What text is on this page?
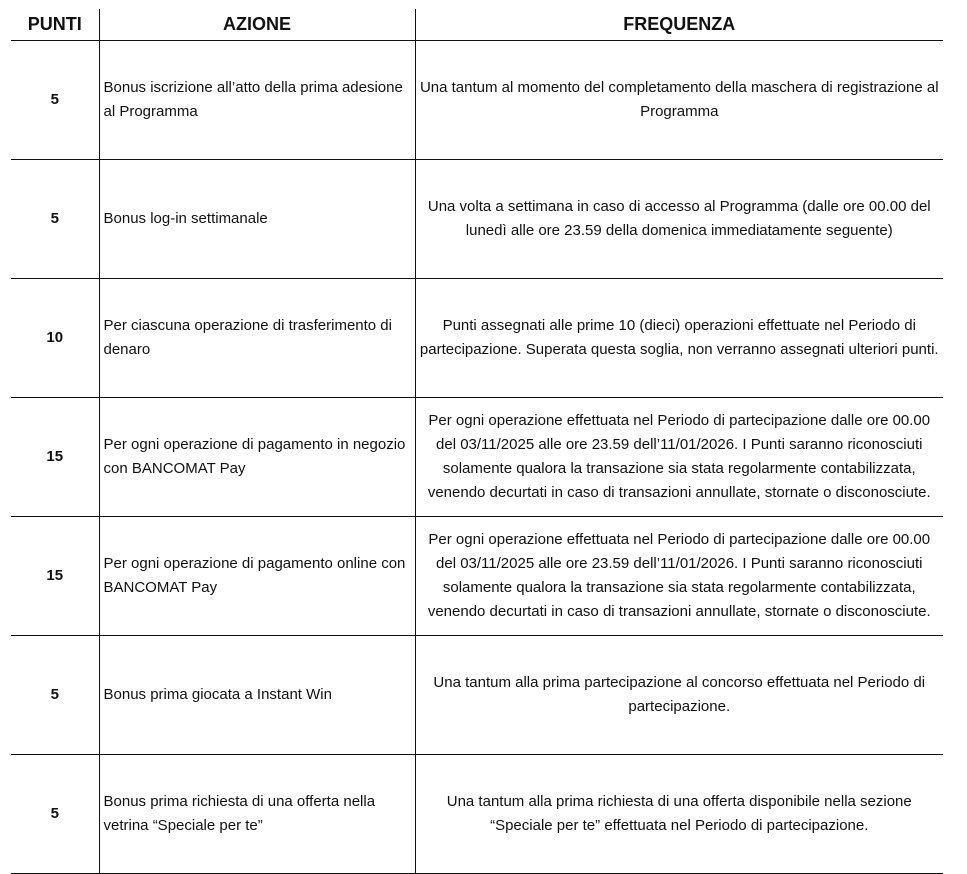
PUNTI	AZIONE	FREQUENZA
5	Bonus iscrizione all’atto della prima adesione al Programma	Una tantum al momento del completamento della maschera di registrazione al Programma
5	Bonus log-in settimanale	Una volta a settimana in caso di accesso al Programma (dalle ore 00.00 del lunedì alle ore 23.59 della domenica immediatamente seguente)
10	Per ciascuna operazione di trasferimento di denaro	Punti assegnati alle prime 10 (dieci) operazioni effettuate nel Periodo di partecipazione. Superata questa soglia, non verranno assegnati ulteriori punti.
15	Per ogni operazione di pagamento in negozio con BANCOMAT Pay	Per ogni operazione effettuata nel Periodo di partecipazione dalle ore 00.00 del 03/11/2025 alle ore 23.59 dell’11/01/2026. I Punti saranno riconosciuti solamente qualora la transazione sia stata regolarmente contabilizzata, venendo decurtati in caso di transazioni annullate, stornate o disconosciute.
15	Per ogni operazione di pagamento online con BANCOMAT Pay	Per ogni operazione effettuata nel Periodo di partecipazione dalle ore 00.00 del 03/11/2025 alle ore 23.59 dell’11/01/2026. I Punti saranno riconosciuti solamente qualora la transazione sia stata regolarmente contabilizzata, venendo decurtati in caso di transazioni annullate, stornate o disconosciute.
5	Bonus prima giocata a Instant Win	Una tantum alla prima partecipazione al concorso effettuata nel Periodo di partecipazione.
5	Bonus prima richiesta di una offerta nella vetrina “Speciale per te”	Una tantum alla prima richiesta di una offerta disponibile nella sezione “Speciale per te” effettuata nel Periodo di partecipazione.
